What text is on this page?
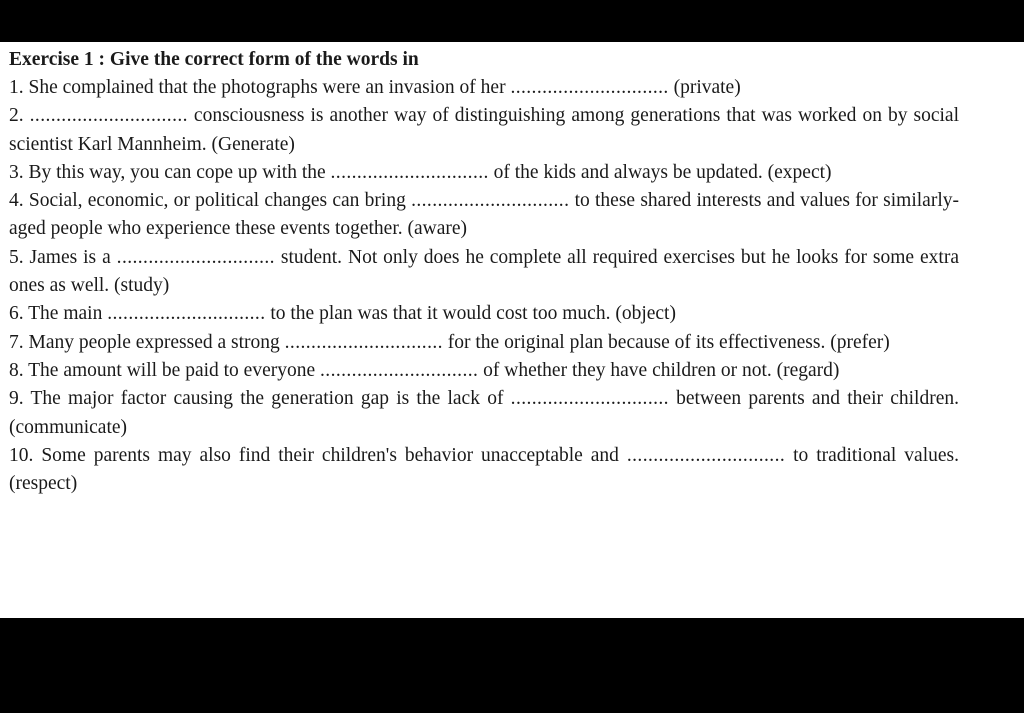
Exercise 1 : Give the correct form of the words in

1. She complained that the photographs were an invasion of her .............................. (private)

2. .............................. consciousness is another way of distinguishing among generations that was worked on by social scientist Karl Mannheim. (Generate)

3. By this way, you can cope up with the .............................. of the kids and always be updated. (expect)

4. Social, economic, or political changes can bring .............................. to these shared interests and values for similarly-aged people who experience these events together. (aware)

5. James is a .............................. student. Not only does he complete all required exercises but he looks for some extra ones as well. (study)

6. The main .............................. to the plan was that it would cost too much. (object)

7. Many people expressed a strong .............................. for the original plan because of its effectiveness. (prefer)

8. The amount will be paid to everyone .............................. of whether they have children or not. (regard)

9. The major factor causing the generation gap is the lack of .............................. between parents and their children. (communicate)

10. Some parents may also find their children's behavior unacceptable and .............................. to traditional values. (respect)
